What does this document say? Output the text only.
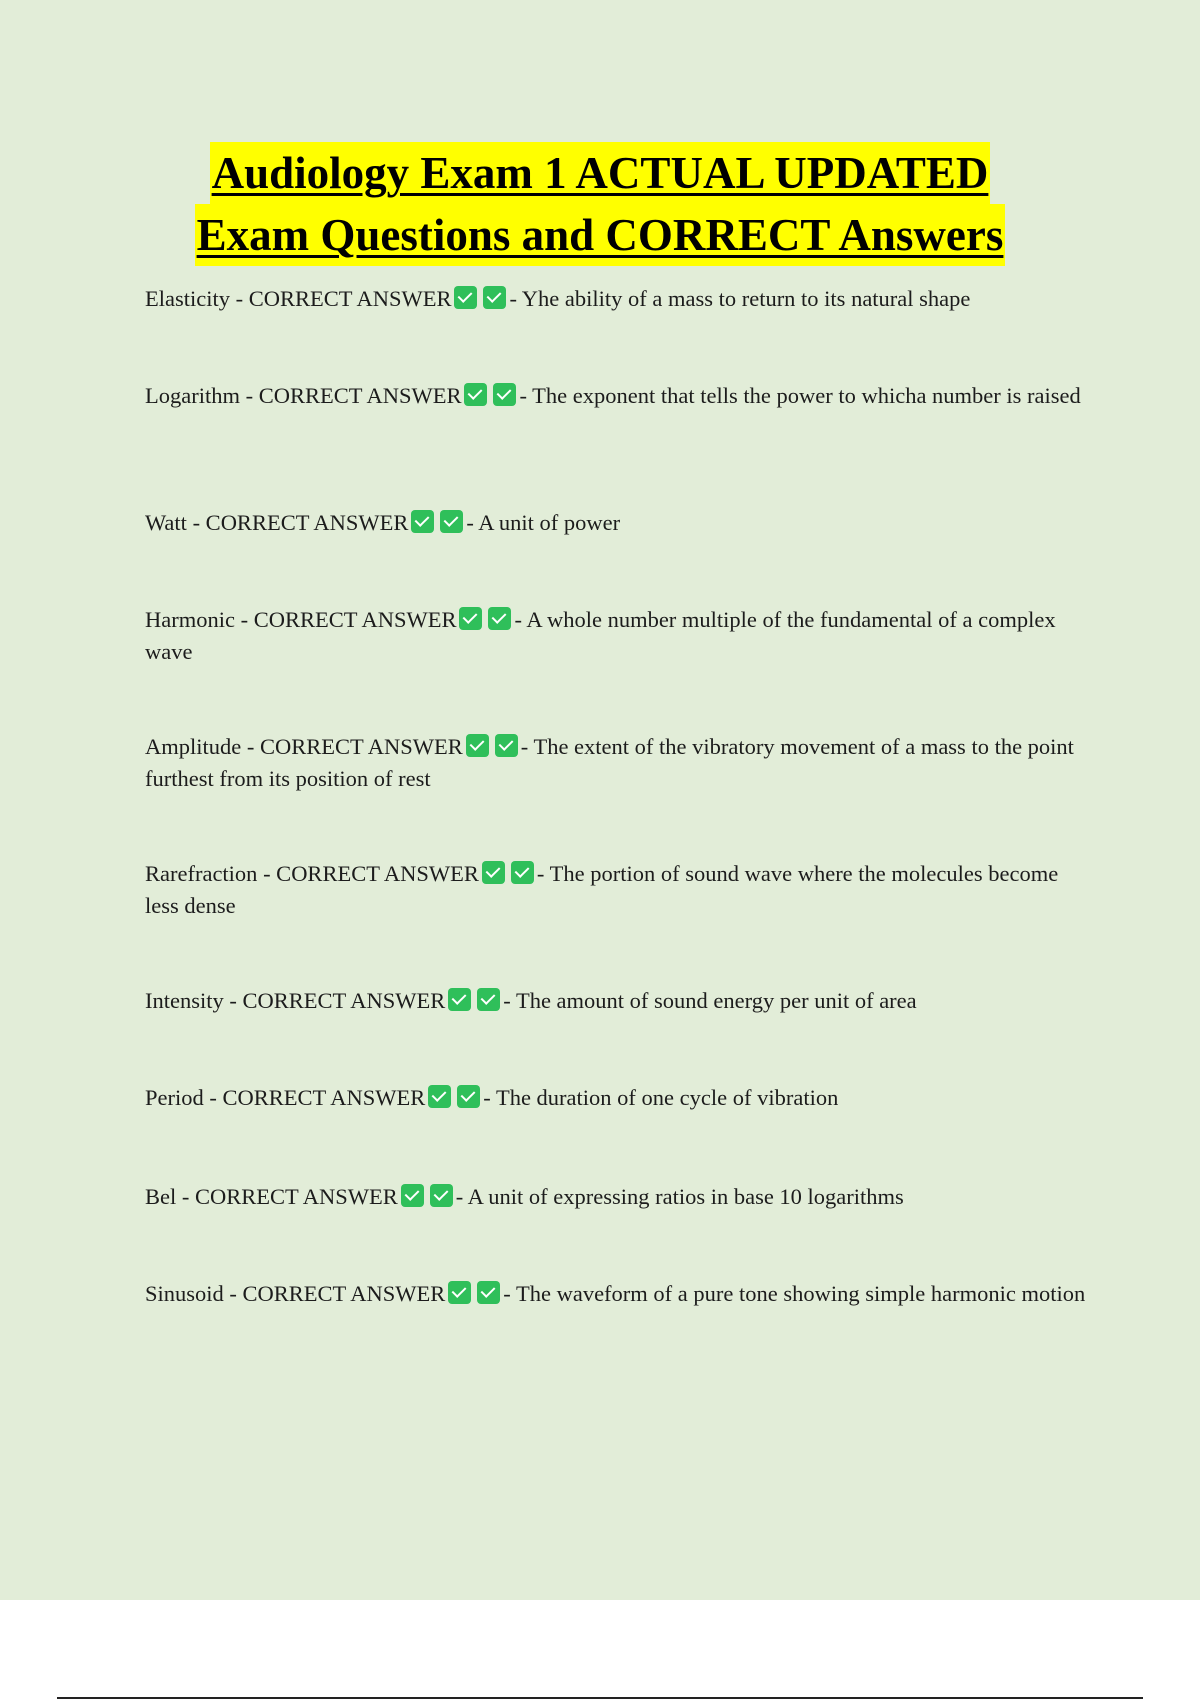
Audiology Exam 1 ACTUAL UPDATED
Exam Questions and CORRECT Answers
Elasticity - CORRECT ANSWER	- Yhe ability of a mass to return to its natural shape
Logarithm - CORRECT ANSWER	- The exponent that tells the power to whicha number is raised
Watt - CORRECT ANSWER	- A unit of power
Harmonic - CORRECT ANSWER	- A whole number multiple of the fundamental of a complex wave
Amplitude - CORRECT ANSWER	- The extent of the vibratory movement of a mass to the point furthest from its position of rest
Rarefraction - CORRECT ANSWER	- The portion of sound wave where the molecules become less dense
Intensity - CORRECT ANSWER	- The amount of sound energy per unit of area
Period - CORRECT ANSWER	- The duration of one cycle of vibration
Bel - CORRECT ANSWER	- A unit of expressing ratios in base 10 logarithms
Sinusoid - CORRECT ANSWER	- The waveform of a pure tone showing simple harmonic motion
